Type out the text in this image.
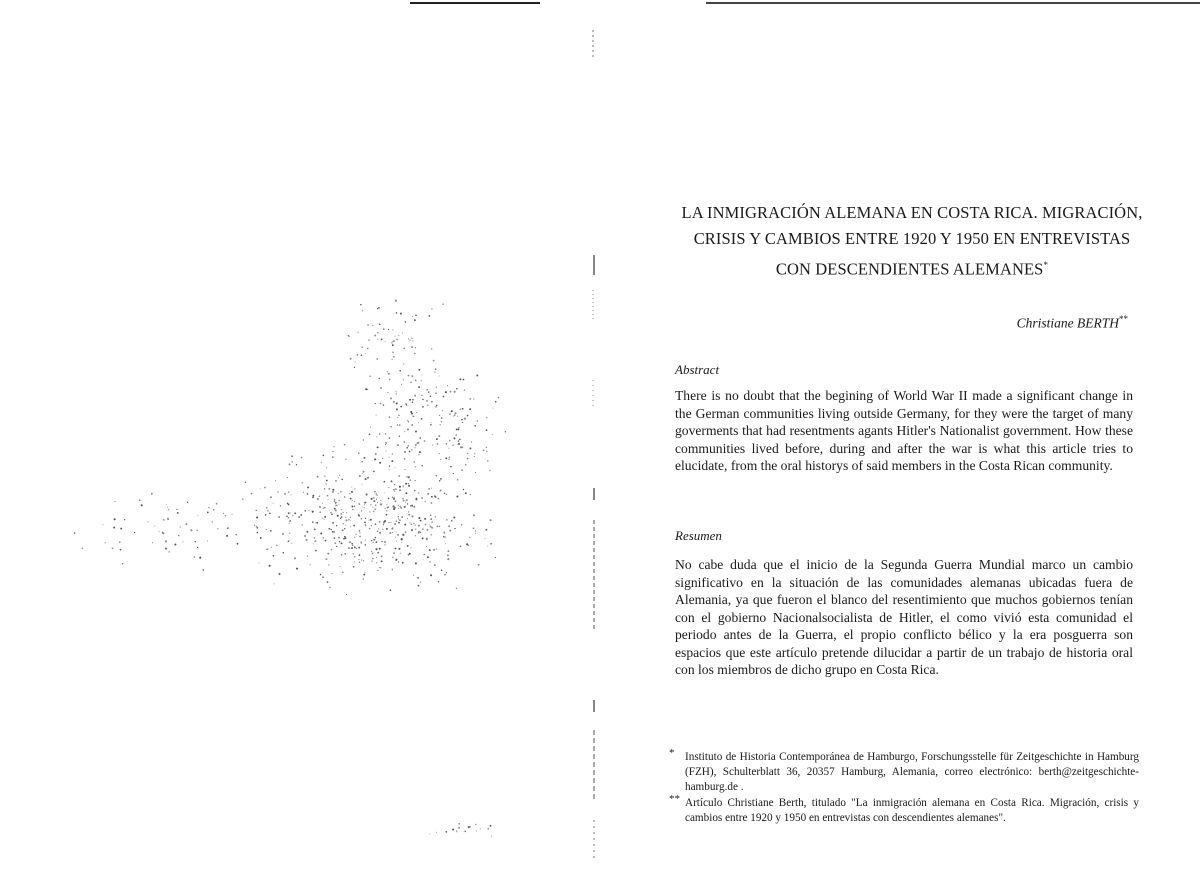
LA INMIGRACIÓN ALEMANA EN COSTA RICA. MIGRACIÓN,
CRISIS Y CAMBIOS ENTRE 1920 Y 1950 EN ENTREVISTAS
CON DESCENDIENTES ALEMANES*
Christiane BERTH**
Abstract
There is no doubt that the begining of World War II made a significant change in the German communities living outside Germany, for they were the target of many goverments that had resentments agants Hitler's Nationalist government. How these communities lived before, during and after the war is what this article tries to elucidate, from the oral historys of said members in the Costa Rican community.
Resumen
No cabe duda que el inicio de la Segunda Guerra Mundial marco un cambio significativo en la situación de las comunidades alemanas ubicadas fuera de Alemania, ya que fueron el blanco del resentimiento que muchos gobiernos tenían con el gobierno Nacionalsocialista de Hitler, el como vivió esta comunidad el periodo antes de la Guerra, el propio conflicto bélico y la era posguerra son espacios que este artículo pretende dilucidar a partir de un trabajo de historia oral con los miembros de dicho grupo en Costa Rica.
* Instituto de Historia Contemporánea de Hamburgo, Forschungsstelle für Zeitgeschichte in Hamburg (FZH), Schulterblatt 36, 20357 Hamburg, Alemania, correo electrónico: berth@zeitgeschichte-hamburg.de .
** Artículo Christiane Berth, titulado "La inmigración alemana en Costa Rica. Migración, crisis y cambios entre 1920 y 1950 en entrevistas con descendientes alemanes".
